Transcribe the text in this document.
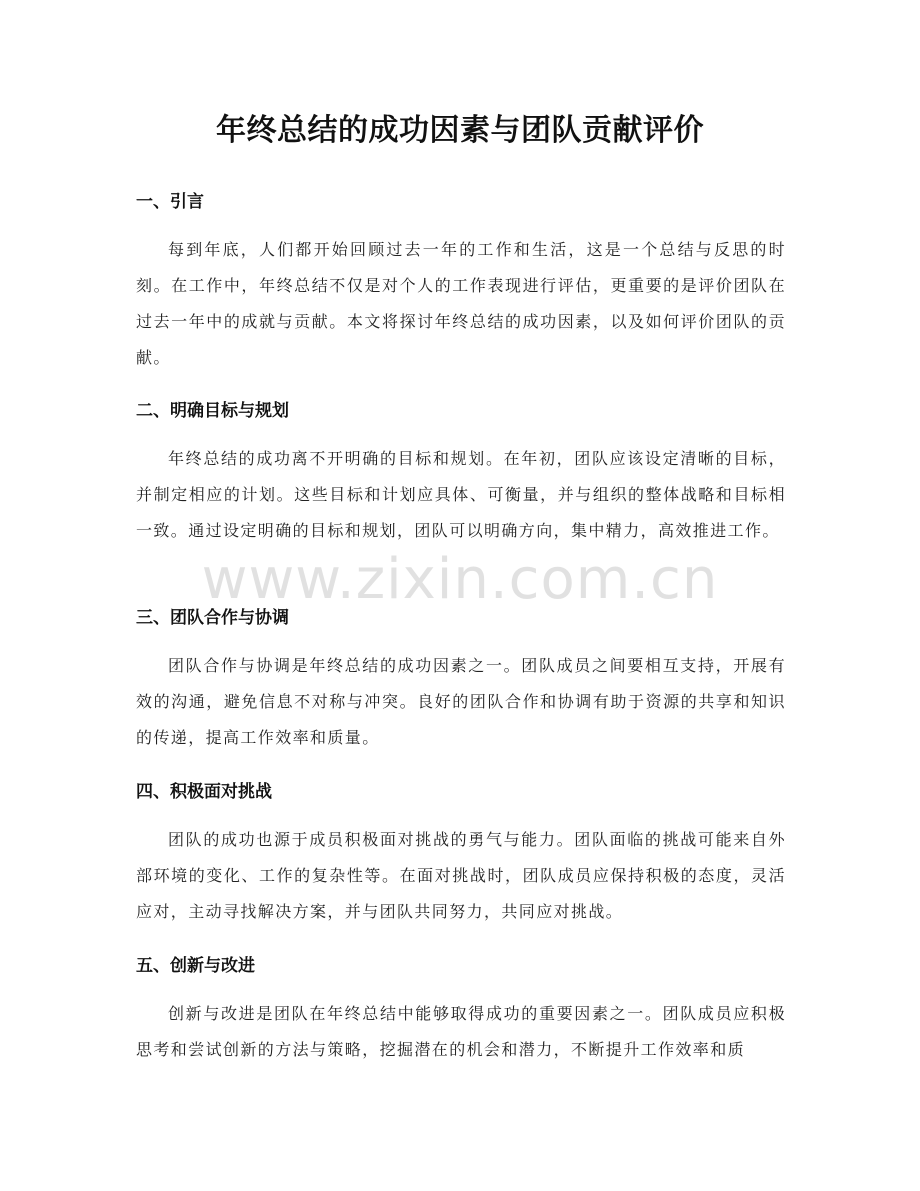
年终总结的成功因素与团队贡献评价
一、引言

每到年底，人们都开始回顾过去一年的工作和生活，这是一个总结与反思的时刻。在工作中，年终总结不仅是对个人的工作表现进行评估，更重要的是评价团队在过去一年中的成就与贡献。本文将探讨年终总结的成功因素，以及如何评价团队的贡献。

二、明确目标与规划

年终总结的成功离不开明确的目标和规划。在年初，团队应该设定清晰的目标，并制定相应的计划。这些目标和计划应具体、可衡量，并与组织的整体战略和目标相一致。通过设定明确的目标和规划，团队可以明确方向，集中精力，高效推进工作。

三、团队合作与协调

团队合作与协调是年终总结的成功因素之一。团队成员之间要相互支持，开展有效的沟通，避免信息不对称与冲突。良好的团队合作和协调有助于资源的共享和知识的传递，提高工作效率和质量。

四、积极面对挑战

团队的成功也源于成员积极面对挑战的勇气与能力。团队面临的挑战可能来自外部环境的变化、工作的复杂性等。在面对挑战时，团队成员应保持积极的态度，灵活应对，主动寻找解决方案，并与团队共同努力，共同应对挑战。

五、创新与改进

创新与改进是团队在年终总结中能够取得成功的重要因素之一。团队成员应积极思考和尝试创新的方法与策略，挖掘潜在的机会和潜力，不断提升工作效率和质

www.zixin.com.cn
